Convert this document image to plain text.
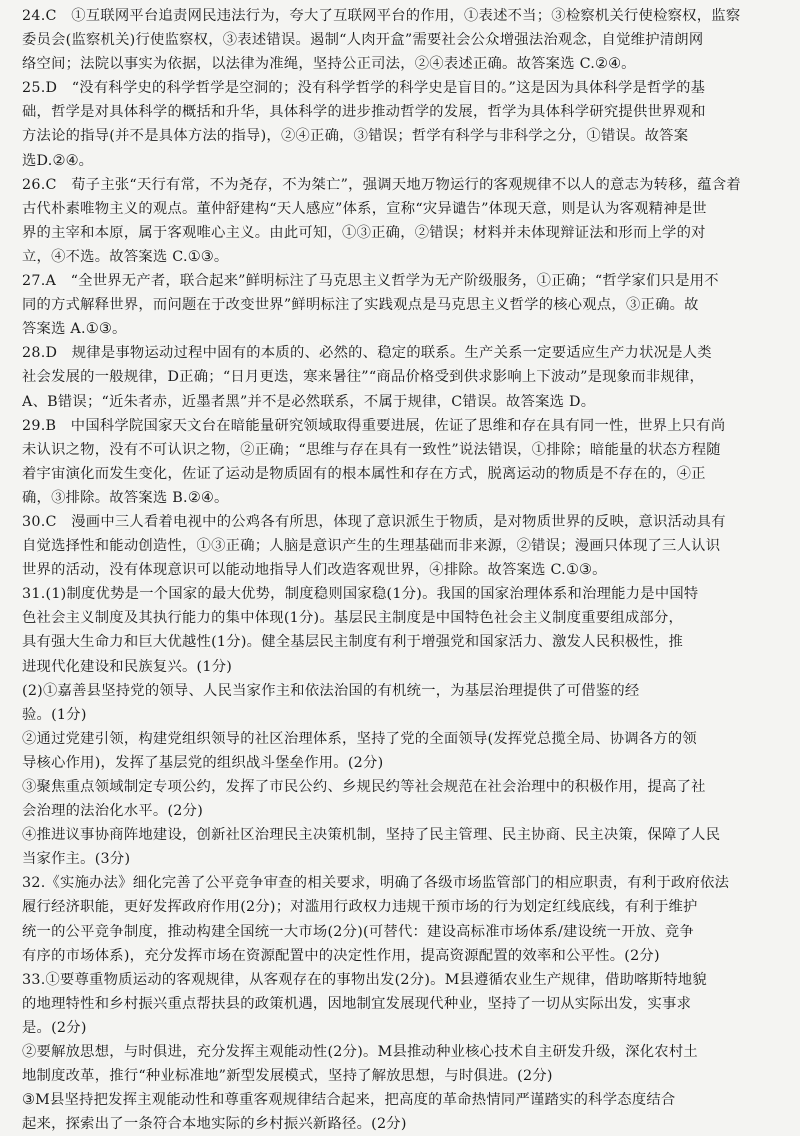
24.C　①互联网平台追责网民违法行为，夸大了互联网平台的作用，①表述不当；③检察机关行使检察权，监察
委员会(监察机关)行使监察权，③表述错误。遏制“人肉开盒”需要社会公众增强法治观念，自觉维护清朗网
络空间；法院以事实为依据，以法律为准绳，坚持公正司法，②④表述正确。故答案选 C.②④。
25.D　“没有科学史的科学哲学是空洞的；没有科学哲学的科学史是盲目的。”这是因为具体科学是哲学的基
础，哲学是对具体科学的概括和升华，具体科学的进步推动哲学的发展，哲学为具体科学研究提供世界观和
方法论的指导(并不是具体方法的指导)，②④正确，③错误；哲学有科学与非科学之分，①错误。故答案
选D.②④。
26.C　荀子主张“天行有常，不为尧存，不为桀亡”，强调天地万物运行的客观规律不以人的意志为转移，蕴含着
古代朴素唯物主义的观点。董仲舒建构“天人感应”体系，宣称“灾异谴告”体现天意，则是认为客观精神是世
界的主宰和本原，属于客观唯心主义。由此可知，①③正确，②错误；材料并未体现辩证法和形而上学的对
立，④不选。故答案选 C.①③。
27.A　“全世界无产者，联合起来”鲜明标注了马克思主义哲学为无产阶级服务，①正确；“哲学家们只是用不
同的方式解释世界，而问题在于改变世界”鲜明标注了实践观点是马克思主义哲学的核心观点，③正确。故
答案选 A.①③。
28.D　规律是事物运动过程中固有的本质的、必然的、稳定的联系。生产关系一定要适应生产力状况是人类
社会发展的一般规律，D正确；“日月更迭，寒来暑往”“商品价格受到供求影响上下波动”是现象而非规律，
A、B错误；“近朱者赤，近墨者黑”并不是必然联系，不属于规律，C错误。故答案选 D。
29.B　中国科学院国家天文台在暗能量研究领域取得重要进展，佐证了思维和存在具有同一性，世界上只有尚
未认识之物，没有不可认识之物，②正确；“思维与存在具有一致性”说法错误，①排除；暗能量的状态方程随
着宇宙演化而发生变化，佐证了运动是物质固有的根本属性和存在方式，脱离运动的物质是不存在的，④正
确，③排除。故答案选 B.②④。
30.C　漫画中三人看着电视中的公鸡各有所思，体现了意识派生于物质，是对物质世界的反映，意识活动具有
自觉选择性和能动创造性，①③正确；人脑是意识产生的生理基础而非来源，②错误；漫画只体现了三人认识
世界的活动，没有体现意识可以能动地指导人们改造客观世界，④排除。故答案选 C.①③。
31.(1)制度优势是一个国家的最大优势，制度稳则国家稳(1分)。我国的国家治理体系和治理能力是中国特
色社会主义制度及其执行能力的集中体现(1分)。基层民主制度是中国特色社会主义制度重要组成部分，
具有强大生命力和巨大优越性(1分)。健全基层民主制度有利于增强党和国家活力、激发人民积极性，推
进现代化建设和民族复兴。(1分)
(2)①嘉善县坚持党的领导、人民当家作主和依法治国的有机统一，为基层治理提供了可借鉴的经
验。(1分)
②通过党建引领，构建党组织领导的社区治理体系，坚持了党的全面领导(发挥党总揽全局、协调各方的领
导核心作用)，发挥了基层党的组织战斗堡垒作用。(2分)
③聚焦重点领域制定专项公约，发挥了市民公约、乡规民约等社会规范在社会治理中的积极作用，提高了社
会治理的法治化水平。(2分)
④推进议事协商阵地建设，创新社区治理民主决策机制，坚持了民主管理、民主协商、民主决策，保障了人民
当家作主。(3分)
32.《实施办法》细化完善了公平竞争审查的相关要求，明确了各级市场监管部门的相应职责，有利于政府依法
履行经济职能，更好发挥政府作用(2分)；对滥用行政权力违规干预市场的行为划定红线底线，有利于维护
统一的公平竞争制度，推动构建全国统一大市场(2分)(可替代：建设高标准市场体系/建设统一开放、竞争
有序的市场体系)，充分发挥市场在资源配置中的决定性作用，提高资源配置的效率和公平性。(2分)
33.①要尊重物质运动的客观规律，从客观存在的事物出发(2分)。M县遵循农业生产规律，借助喀斯特地貌
的地理特性和乡村振兴重点帮扶县的政策机遇，因地制宜发展现代种业，坚持了一切从实际出发，实事求
是。(2分)
②要解放思想，与时俱进，充分发挥主观能动性(2分)。M县推动种业核心技术自主研发升级，深化农村土
地制度改革，推行“种业标准地”新型发展模式，坚持了解放思想，与时俱进。(2分)
③M县坚持把发挥主观能动性和尊重客观规律结合起来，把高度的革命热情同严谨踏实的科学态度结合
起来，探索出了一条符合本地实际的乡村振兴新路径。(2分)
